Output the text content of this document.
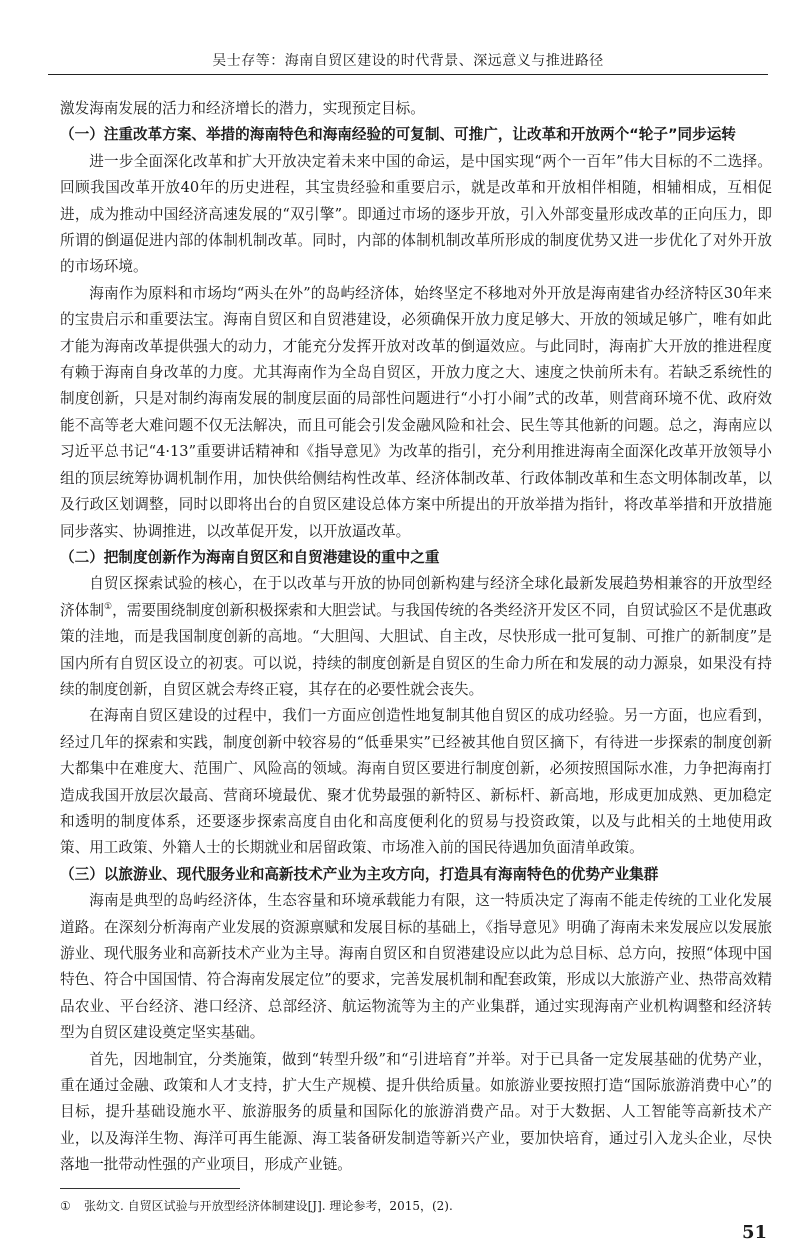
吴士存等：海南自贸区建设的时代背景、深远意义与推进路径

激发海南发展的活力和经济增长的潜力，实现预定目标。

（一）注重改革方案、举措的海南特色和海南经验的可复制、可推广，让改革和开放两个“轮子”同步运转

进一步全面深化改革和扩大开放决定着未来中国的命运，是中国实现“两个一百年”伟大目标的不二选择。回顾我国改革开放40年的历史进程，其宝贵经验和重要启示，就是改革和开放相伴相随，相辅相成，互相促进，成为推动中国经济高速发展的“双引擎”。即通过市场的逐步开放，引入外部变量形成改革的正向压力，即所谓的倒逼促进内部的体制机制改革。同时，内部的体制机制改革所形成的制度优势又进一步优化了对外开放的市场环境。

海南作为原料和市场均“两头在外”的岛屿经济体，始终坚定不移地对外开放是海南建省办经济特区30年来的宝贵启示和重要法宝。海南自贸区和自贸港建设，必须确保开放力度足够大、开放的领域足够广，唯有如此才能为海南改革提供强大的动力，才能充分发挥开放对改革的倒逼效应。与此同时，海南扩大开放的推进程度有赖于海南自身改革的力度。尤其海南作为全岛自贸区，开放力度之大、速度之快前所未有。若缺乏系统性的制度创新，只是对制约海南发展的制度层面的局部性问题进行“小打小闹”式的改革，则营商环境不优、政府效能不高等老大难问题不仅无法解决，而且可能会引发金融风险和社会、民生等其他新的问题。总之，海南应以习近平总书记“4·13”重要讲话精神和《指导意见》为改革的指引，充分利用推进海南全面深化改革开放领导小组的顶层统筹协调机制作用，加快供给侧结构性改革、经济体制改革、行政体制改革和生态文明体制改革，以及行政区划调整，同时以即将出台的自贸区建设总体方案中所提出的开放举措为指针，将改革举措和开放措施同步落实、协调推进，以改革促开发，以开放逼改革。

（二）把制度创新作为海南自贸区和自贸港建设的重中之重

自贸区探索试验的核心，在于以改革与开放的协同创新构建与经济全球化最新发展趋势相兼容的开放型经济体制①，需要围绕制度创新积极探索和大胆尝试。与我国传统的各类经济开发区不同，自贸试验区不是优惠政策的洼地，而是我国制度创新的高地。“大胆闯、大胆试、自主改，尽快形成一批可复制、可推广的新制度”是国内所有自贸区设立的初衷。可以说，持续的制度创新是自贸区的生命力所在和发展的动力源泉，如果没有持续的制度创新，自贸区就会寿终正寝，其存在的必要性就会丧失。

在海南自贸区建设的过程中，我们一方面应创造性地复制其他自贸区的成功经验。另一方面，也应看到，经过几年的探索和实践，制度创新中较容易的“低垂果实”已经被其他自贸区摘下，有待进一步探索的制度创新大都集中在难度大、范围广、风险高的领域。海南自贸区要进行制度创新，必须按照国际水准，力争把海南打造成我国开放层次最高、营商环境最优、聚才优势最强的新特区、新标杆、新高地，形成更加成熟、更加稳定和透明的制度体系，还要逐步探索高度自由化和高度便利化的贸易与投资政策，以及与此相关的土地使用政策、用工政策、外籍人士的长期就业和居留政策、市场准入前的国民待遇加负面清单政策。

（三）以旅游业、现代服务业和高新技术产业为主攻方向，打造具有海南特色的优势产业集群

海南是典型的岛屿经济体，生态容量和环境承载能力有限，这一特质决定了海南不能走传统的工业化发展道路。在深刻分析海南产业发展的资源禀赋和发展目标的基础上，《指导意见》明确了海南未来发展应以发展旅游业、现代服务业和高新技术产业为主导。海南自贸区和自贸港建设应以此为总目标、总方向，按照“体现中国特色、符合中国国情、符合海南发展定位”的要求，完善发展机制和配套政策，形成以大旅游产业、热带高效精品农业、平台经济、港口经济、总部经济、航运物流等为主的产业集群，通过实现海南产业机构调整和经济转型为自贸区建设奠定坚实基础。

首先，因地制宜，分类施策，做到“转型升级”和“引进培育”并举。对于已具备一定发展基础的优势产业，重在通过金融、政策和人才支持，扩大生产规模、提升供给质量。如旅游业要按照打造“国际旅游消费中心”的目标，提升基础设施水平、旅游服务的质量和国际化的旅游消费产品。对于大数据、人工智能等高新技术产业，以及海洋生物、海洋可再生能源、海工装备研发制造等新兴产业，要加快培育，通过引入龙头企业，尽快落地一批带动性强的产业项目，形成产业链。

① 张幼文. 自贸区试验与开放型经济体制建设[J]. 理论参考，2015，(2).
51
